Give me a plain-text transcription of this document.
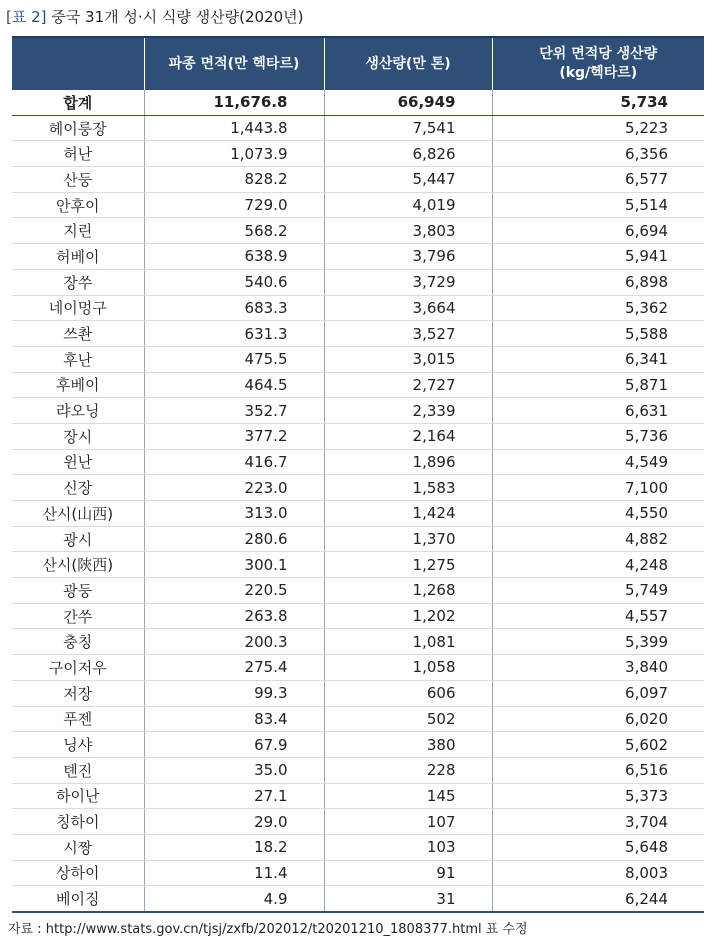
[표 2] 중국 31개 성·시 식량 생산량(2020년)
	파종 면적(만 헥타르)	생산량(만 톤)	단위 면적당 생산량
(kg/헥타르)

합계	11,676.8	66,949	5,734
헤이룽장	1,443.8	7,541	5,223
허난	1,073.9	6,826	6,356
산둥	828.2	5,447	6,577
안후이	729.0	4,019	5,514
지린	568.2	3,803	6,694
허베이	638.9	3,796	5,941
장쑤	540.6	3,729	6,898
네이멍구	683.3	3,664	5,362
쓰촨	631.3	3,527	5,588
후난	475.5	3,015	6,341
후베이	464.5	2,727	5,871
랴오닝	352.7	2,339	6,631
장시	377.2	2,164	5,736
윈난	416.7	1,896	4,549
신장	223.0	1,583	7,100
산시(山西)	313.0	1,424	4,550
광시	280.6	1,370	4,882
산시(陝西)	300.1	1,275	4,248
광둥	220.5	1,268	5,749
간쑤	263.8	1,202	4,557
충칭	200.3	1,081	5,399
구이저우	275.4	1,058	3,840
저장	99.3	606	6,097
푸젠	83.4	502	6,020
닝샤	67.9	380	5,602
톈진	35.0	228	6,516
하이난	27.1	145	5,373
칭하이	29.0	107	3,704
시짱	18.2	103	5,648
상하이	11.4	91	8,003
베이징	4.9	31	6,244
자료 : http://www.stats.gov.cn/tjsj/zxfb/202012/t20201210_1808377.html 표 수정
